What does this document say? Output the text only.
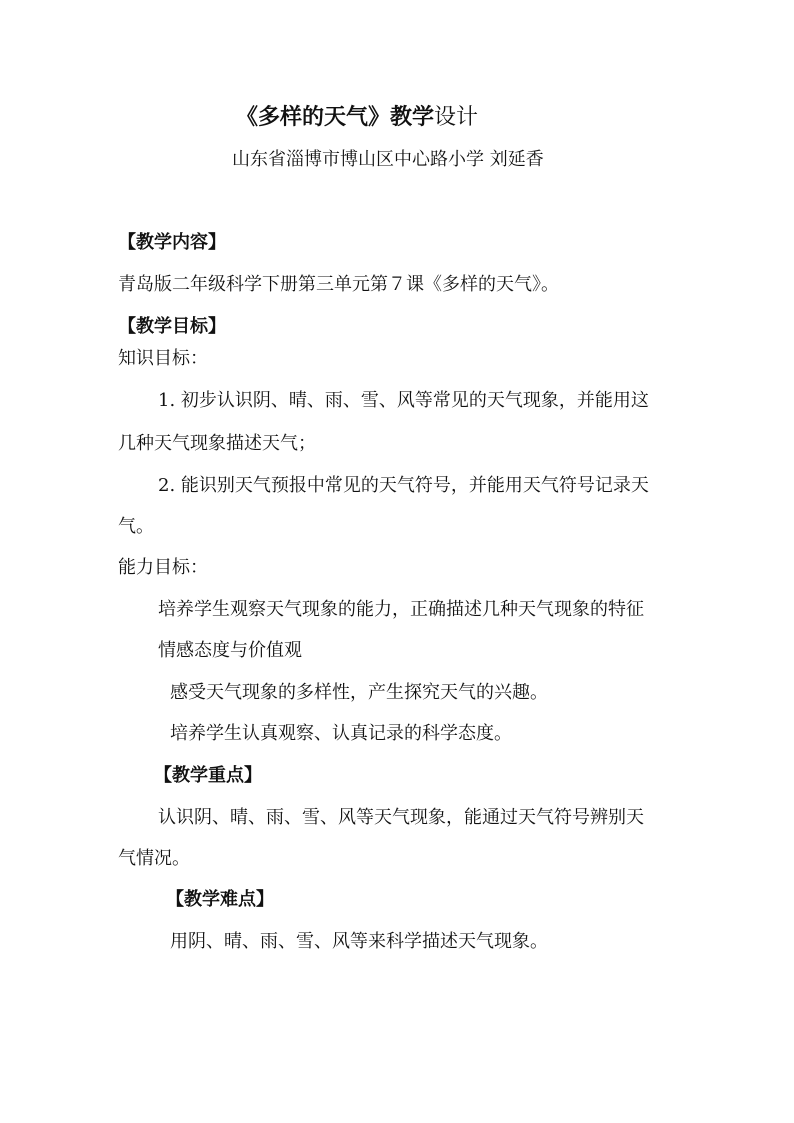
《多样的天气》教学设计
山东省淄博市博山区中心路小学 刘延香
【教学内容】
青岛版二年级科学下册第三单元第７课《多样的天气》。
【教学目标】
知识目标：
1. 初步认识阴、晴、雨、雪、风等常见的天气现象，并能用这
几种天气现象描述天气；
2. 能识别天气预报中常见的天气符号，并能用天气符号记录天
气。
能力目标：
培养学生观察天气现象的能力，正确描述几种天气现象的特征
情感态度与价值观
感受天气现象的多样性，产生探究天气的兴趣。
培养学生认真观察、认真记录的科学态度。
【教学重点】
认识阴、晴、雨、雪、风等天气现象，能通过天气符号辨别天
气情况。
【教学难点】
用阴、晴、雨、雪、风等来科学描述天气现象。
